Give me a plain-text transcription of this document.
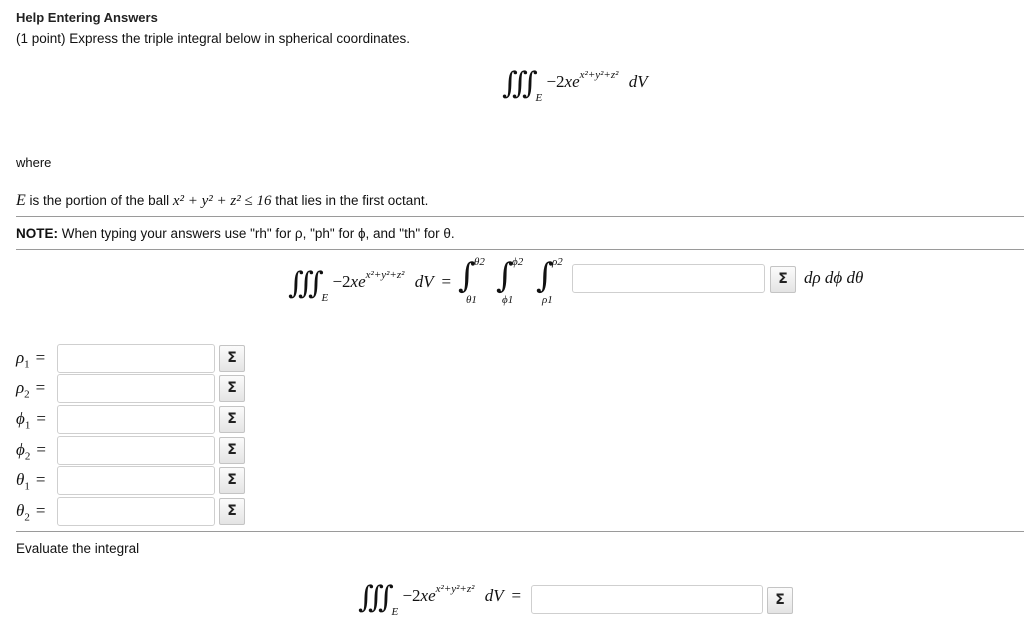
Help Entering Answers
(1 point) Express the triple integral below in spherical coordinates.
$∭_E -2xe^{x^2+y^2+z^2}$ dV
where
E is the portion of the ball x² + y² + z² ≤ 16 that lies in the first octant.
NOTE: When typing your answers use "rh" for ρ, "ph" for ϕ, and "th" for θ.
$∭_E -2xe^{x^2+y^2+z^2}$ dV = ∫
θ2
θ1
∫
ϕ2
ϕ1
∫
ρ2
ρ1
Σ dρ dϕ dθ
$\rho_1$ =	Σ
$\rho_2$ =	Σ
$\phi_1$ =	Σ
$\phi_2$ =	Σ
$\theta_1$ =	Σ
$\theta_2$ =	Σ
Evaluate the integral
$∭_E -2xe^{x^2+y^2+z^2}$ dV =	Σ
